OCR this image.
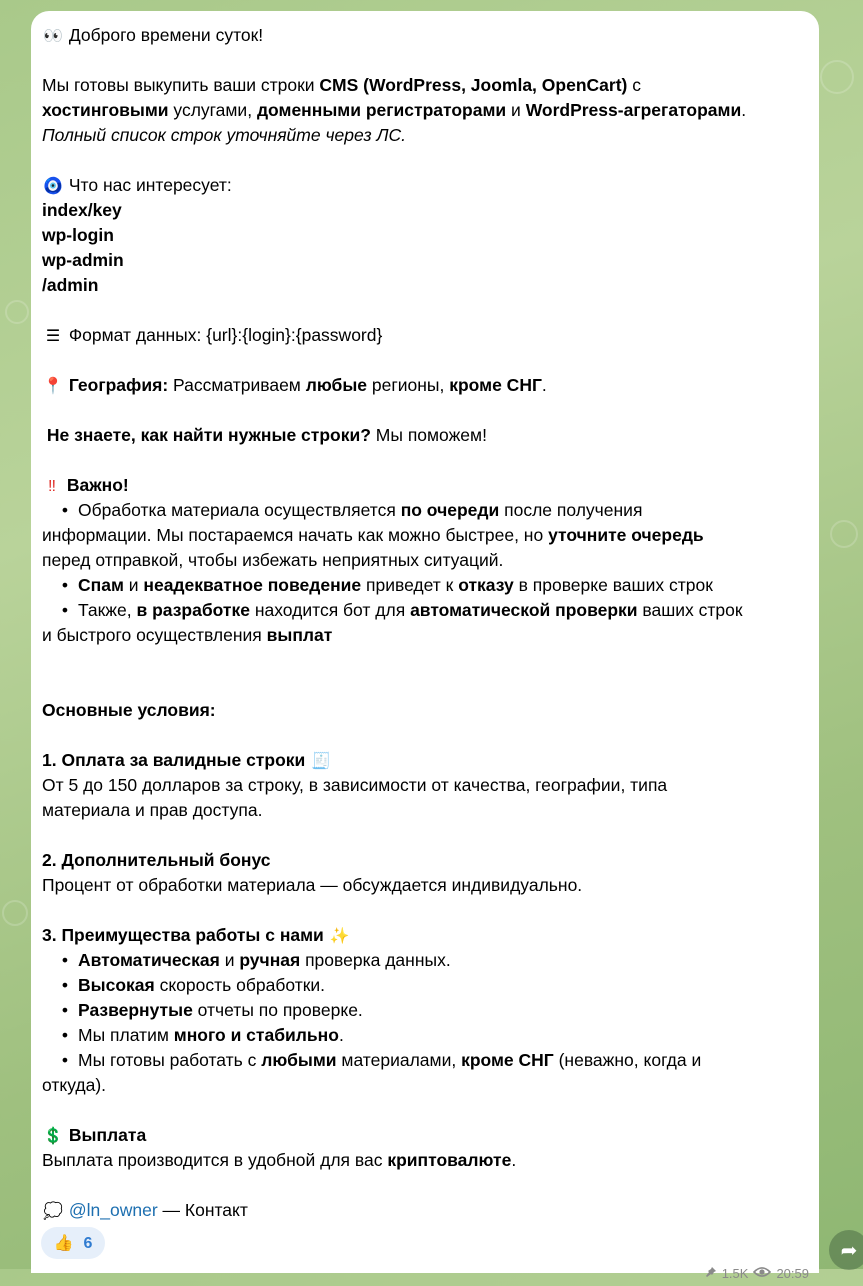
👀 Доброго времени суток!
Мы готовы выкупить ваши строки CMS (WordPress, Joomla, OpenCart) с
хостинговыми услугами, доменными регистраторами и WordPress-агрегаторами.
Полный список строк уточняйте через ЛС.
🧿 Что нас интересует:
index/key
wp-login
wp-admin
/admin
☰ Формат данных: {url}:{login}:{password}
📍 География: Рассматриваем любые регионы, кроме СНГ.
Не знаете, как найти нужные строки? Мы поможем!
‼ Важно!
• Обработка материала осуществляется по очереди после получения
информации. Мы постараемся начать как можно быстрее, но уточните очередь
перед отправкой, чтобы избежать неприятных ситуаций.
• Спам и неадекватное поведение приведет к отказу в проверке ваших строк
• Также, в разработке находится бот для автоматической проверки ваших строк
и быстрого осуществления выплат
Основные условия:
1. Оплата за валидные строки 🧾
От 5 до 150 долларов за строку, в зависимости от качества, географии, типа
материала и прав доступа.
2. Дополнительный бонус
Процент от обработки материала — обсуждается индивидуально.
3. Преимущества работы с нами ✨
• Автоматическая и ручная проверка данных.
• Высокая скорость обработки.
• Развернутые отчеты по проверке.
• Мы платим много и стабильно.
• Мы готовы работать с любыми материалами, кроме СНГ (неважно, когда и
откуда).
💲 Выплата
Выплата производится в удобной для вас криптовалюте.
💭 @ln_owner — Контакт
👍 6
1.5K 20:59
➦
